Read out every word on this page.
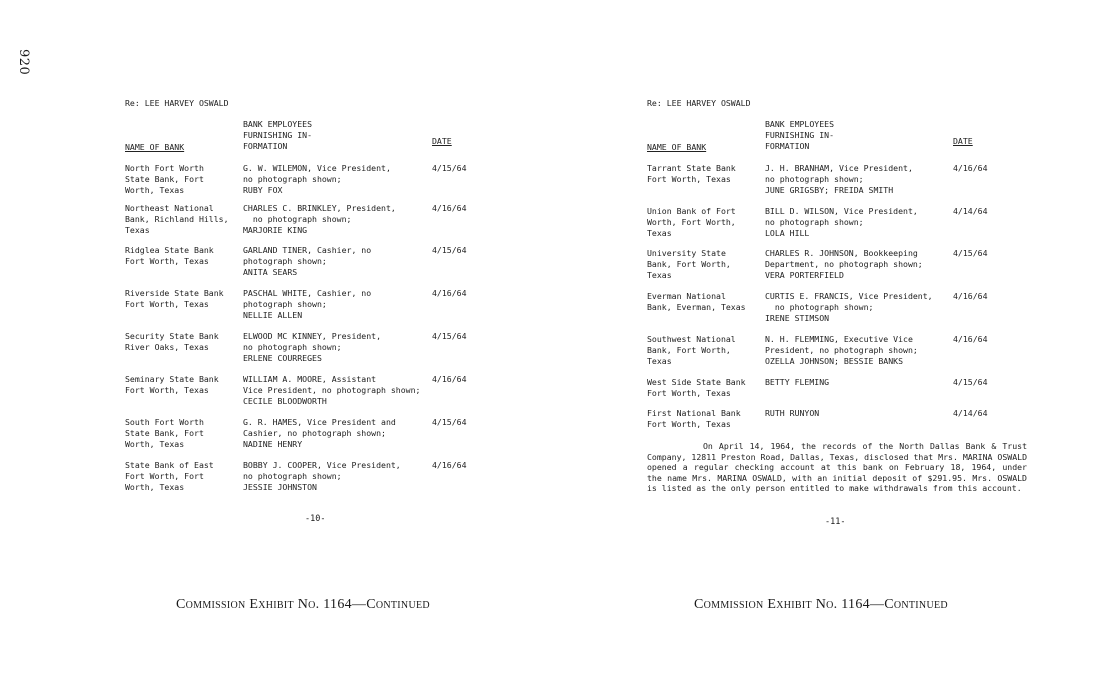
920
Re: LEE HARVEY OSWALD
BANK EMPLOYEES
FURNISHING IN-
FORMATION
NAME OF BANK
DATE
North Fort Worth
State Bank, Fort
Worth, Texas
G. W. WILEMON, Vice President,
no photograph shown;
RUBY FOX
4/15/64
Northeast National
Bank, Richland Hills,
Texas
CHARLES C. BRINKLEY, President,
no photograph shown;
MARJORIE KING
4/16/64
Ridglea State Bank
Fort Worth, Texas
GARLAND TINER, Cashier, no
photograph shown;
ANITA SEARS
4/15/64
Riverside State Bank
Fort Worth, Texas
PASCHAL WHITE, Cashier, no
photograph shown;
NELLIE ALLEN
4/16/64
Security State Bank
River Oaks, Texas
ELWOOD MC KINNEY, President,
no photograph shown;
ERLENE COURREGES
4/15/64
Seminary State Bank
Fort Worth, Texas
WILLIAM A. MOORE, Assistant
Vice President, no photograph shown;
CECILE BLOODWORTH
4/16/64
South Fort Worth
State Bank, Fort
Worth, Texas
G. R. HAMES, Vice President and
Cashier, no photograph shown;
NADINE HENRY
4/15/64
State Bank of East
Fort Worth, Fort
Worth, Texas
BOBBY J. COOPER, Vice President,
no photograph shown;
JESSIE JOHNSTON
4/16/64
-10-
Commission Exhibit No. 1164—Continued
Re: LEE HARVEY OSWALD
BANK EMPLOYEES
FURNISHING IN-
FORMATION
NAME OF BANK
DATE
Tarrant State Bank
Fort Worth, Texas
J. H. BRANHAM, Vice President,
no photograph shown;
JUNE GRIGSBY; FREIDA SMITH
4/16/64
Union Bank of Fort
Worth, Fort Worth,
Texas
BILL D. WILSON, Vice President,
no photograph shown;
LOLA HILL
4/14/64
University State
Bank, Fort Worth,
Texas
CHARLES R. JOHNSON, Bookkeeping
Department, no photograph shown;
VERA PORTERFIELD
4/15/64
Everman National
Bank, Everman, Texas
CURTIS E. FRANCIS, Vice President,
no photograph shown;
IRENE STIMSON
4/16/64
Southwest National
Bank, Fort Worth,
Texas
N. H. FLEMMING, Executive Vice
President, no photograph shown;
OZELLA JOHNSON; BESSIE BANKS
4/16/64
West Side State Bank
Fort Worth, Texas
BETTY FLEMING	4/15/64
First National Bank
Fort Worth, Texas
RUTH RUNYON	4/14/64
On April 14, 1964, the records of the North Dallas Bank & Trust Company, 12811 Preston Road, Dallas, Texas, disclosed that Mrs. MARINA OSWALD opened a regular checking account at this bank on February 18, 1964, under the name Mrs. MARINA OSWALD, with an initial deposit of $291.95. Mrs. OSWALD is listed as the only person entitled to make withdrawals from this account.
-11-
Commission Exhibit No. 1164—Continued
